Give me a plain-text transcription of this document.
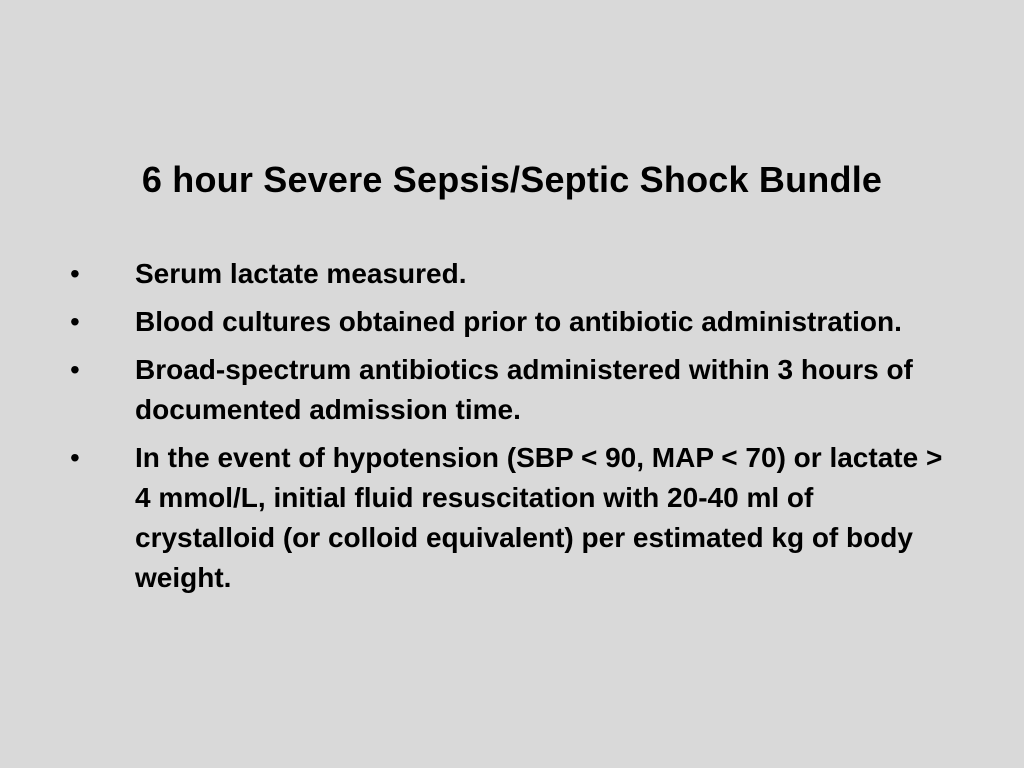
6 hour Severe Sepsis/Septic Shock Bundle
•	Serum lactate measured.
•	Blood cultures obtained prior to antibiotic administration.
•	Broad-spectrum antibiotics administered within 3 hours of documented admission time.
•	In the event of hypotension (SBP < 90, MAP < 70) or lactate > 4 mmol/L, initial fluid resuscitation with 20-40 ml of crystalloid (or colloid equivalent) per estimated kg of body weight.
